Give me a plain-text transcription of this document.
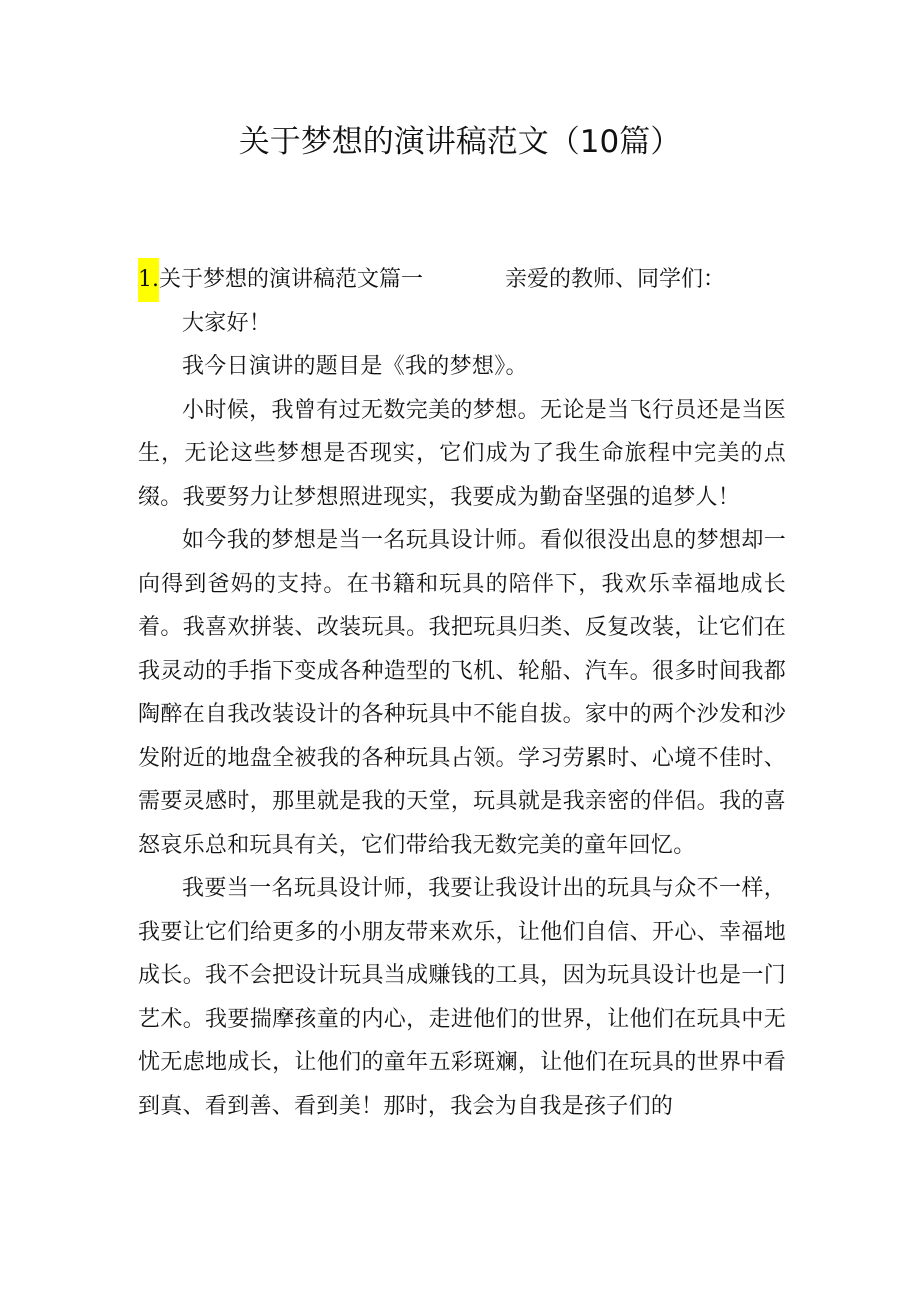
关于梦想的演讲稿范文（10篇）
1. 关于梦想的演讲稿范文篇一	亲爱的教师、同学们：

大家好！

我今日演讲的题目是《我的梦想》。

小时候，我曾有过无数完美的梦想。无论是当飞行员还是当医生，无论这些梦想是否现实，它们成为了我生命旅程中完美的点缀。我要努力让梦想照进现实，我要成为勤奋坚强的追梦人！

如今我的梦想是当一名玩具设计师。看似很没出息的梦想却一向得到爸妈的支持。在书籍和玩具的陪伴下，我欢乐幸福地成长着。我喜欢拼装、改装玩具。我把玩具归类、反复改装，让它们在我灵动的手指下变成各种造型的飞机、轮船、汽车。很多时间我都陶醉在自我改装设计的各种玩具中不能自拔。家中的两个沙发和沙发附近的地盘全被我的各种玩具占领。学习劳累时、心境不佳时、需要灵感时，那里就是我的天堂，玩具就是我亲密的伴侣。我的喜怒哀乐总和玩具有关，它们带给我无数完美的童年回忆。

我要当一名玩具设计师，我要让我设计出的玩具与众不一样，我要让它们给更多的小朋友带来欢乐，让他们自信、开心、幸福地成长。我不会把设计玩具当成赚钱的工具，因为玩具设计也是一门艺术。我要揣摩孩童的内心，走进他们的世界，让他们在玩具中无忧无虑地成长，让他们的童年五彩斑斓，让他们在玩具的世界中看到真、看到善、看到美！那时，我会为自我是孩子们的
